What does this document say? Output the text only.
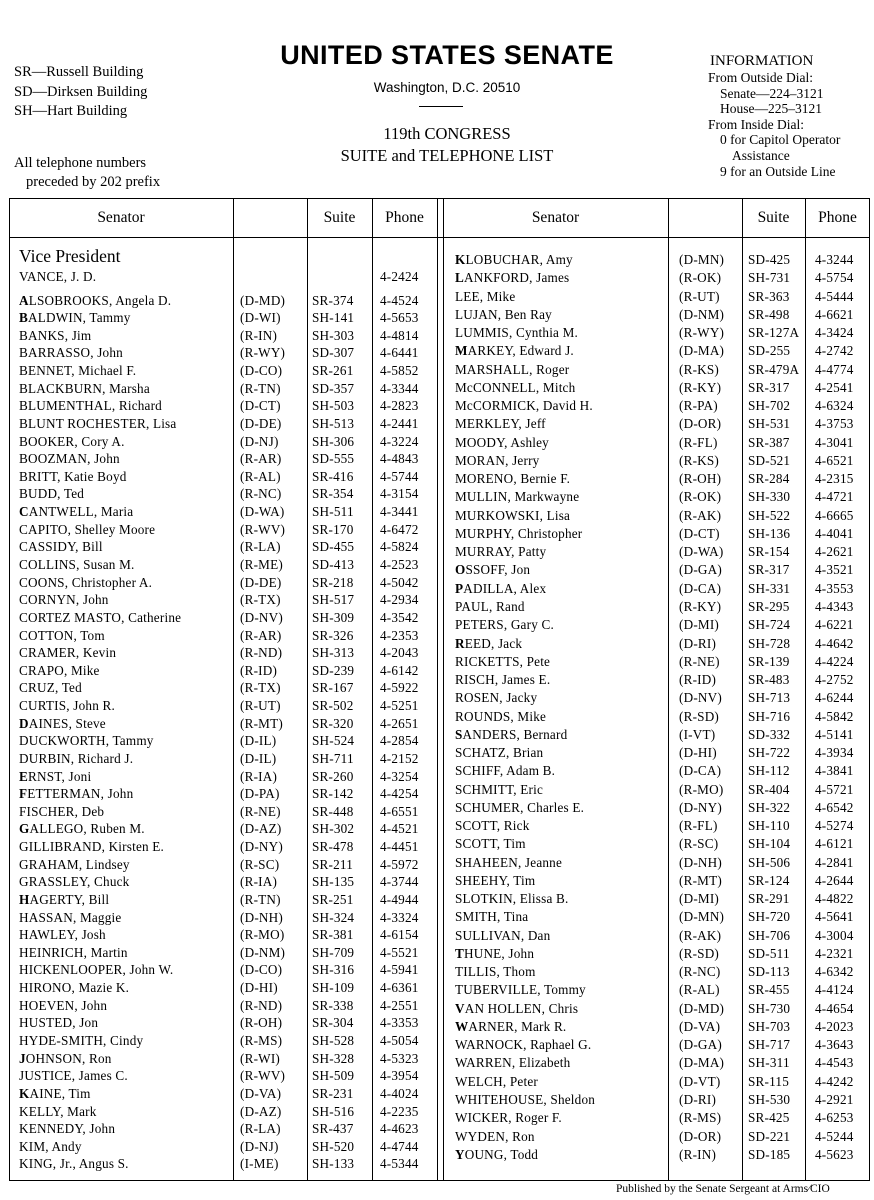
SR—Russell Building
SD—Dirksen Building
SH—Hart Building
All telephone numbers
preceded by 202 prefix
UNITED STATES SENATE
Washington, D.C. 20510
119th CONGRESS
SUITE and TELEPHONE LIST
INFORMATION
From Outside Dial:
Senate—224–3121
House—225–3121
From Inside Dial:
0 for Capitol Operator
Assistance
9 for an Outside Line
Senator	Suite	Phone	Senator	Suite	Phone
Vice President
VANCE, J. D.	4-2424
ALSOBROOKS, Angela D.	(D-MD) SR-374 4-4524
BALDWIN, Tammy	(D-WI) SH-141 4-5653
BANKS, Jim	(R-IN)	SH-303 4-4814
BARRASSO, John	(R-WY) SD-307 4-6441
BENNET, Michael F.	(D-CO) SR-261 4-5852
BLACKBURN, Marsha	(R-TN) SD-357 4-3344
BLUMENTHAL, Richard	(D-CT) SH-503 4-2823
BLUNT ROCHESTER, Lisa	(D-DE) SH-513 4-2441
BOOKER, Cory A.	(D-NJ)	SH-306 4-3224
BOOZMAN, John	(R-AR) SD-555 4-4843
BRITT, Katie Boyd	(R-AL) SR-416 4-5744
BUDD, Ted	(R-NC) SR-354 4-3154
CANTWELL, Maria	(D-WA) SH-511 4-3441
CAPITO, Shelley Moore	(R-WV) SR-170 4-6472
CASSIDY, Bill	(R-LA) SD-455 4-5824
COLLINS, Susan M.	(R-ME) SD-413 4-2523
COONS, Christopher A.	(D-DE) SR-218 4-5042
CORNYN, John	(R-TX) SH-517 4-2934
CORTEZ MASTO, Catherine	(D-NV) SH-309 4-3542
COTTON, Tom	(R-AR) SR-326 4-2353
CRAMER, Kevin	(R-ND) SH-313 4-2043
CRAPO, Mike	(R-ID)	SD-239 4-6142
CRUZ, Ted	(R-TX) SR-167 4-5922
CURTIS, John R.	(R-UT) SR-502 4-5251
DAINES, Steve	(R-MT) SR-320 4-2651
DUCKWORTH, Tammy	(D-IL)	SH-524 4-2854
DURBIN, Richard J.	(D-IL)	SH-711 4-2152
ERNST, Joni	(R-IA)	SR-260 4-3254
FETTERMAN, John	(D-PA) SR-142 4-4254
FISCHER, Deb	(R-NE) SR-448 4-6551
GALLEGO, Ruben M.	(D-AZ) SH-302 4-4521
GILLIBRAND, Kirsten E.	(D-NY) SR-478 4-4451
GRAHAM, Lindsey	(R-SC) SR-211 4-5972
GRASSLEY, Chuck	(R-IA)	SH-135 4-3744
HAGERTY, Bill	(R-TN) SR-251 4-4944
HASSAN, Maggie	(D-NH) SH-324 4-3324
HAWLEY, Josh	(R-MO) SR-381 4-6154
HEINRICH, Martin	(D-NM) SH-709 4-5521
HICKENLOOPER, John W.	(D-CO) SH-316 4-5941
HIRONO, Mazie K.	(D-HI)	SH-109 4-6361
HOEVEN, John	(R-ND) SR-338 4-2551
HUSTED, Jon	(R-OH) SR-304 4-3353
HYDE-SMITH, Cindy	(R-MS) SH-528 4-5054
JOHNSON, Ron	(R-WI) SH-328 4-5323
JUSTICE, James C.	(R-WV) SH-509 4-3954
KAINE, Tim	(D-VA) SR-231 4-4024
KELLY, Mark	(D-AZ) SH-516 4-2235
KENNEDY, John	(R-LA) SR-437 4-4623
KIM, Andy	(D-NJ)	SH-520 4-4744
KING, Jr., Angus S.	(I-ME)	SH-133 4-5344
KLOBUCHAR, Amy	(D-MN) SD-425 4-3244
LANKFORD, James	(R-OK) SH-731 4-5754
LEE, Mike	(R-UT) SR-363 4-5444
LUJAN, Ben Ray	(D-NM) SR-498 4-6621
LUMMIS, Cynthia M.	(R-WY) SR-127A 4-3424
MARKEY, Edward J.	(D-MA) SD-255 4-2742
MARSHALL, Roger	(R-KS) SR-479A 4-4774
McCONNELL, Mitch	(R-KY) SR-317 4-2541
McCORMICK, David H.	(R-PA) SH-702 4-6324
MERKLEY, Jeff	(D-OR) SH-531 4-3753
MOODY, Ashley	(R-FL) SR-387 4-3041
MORAN, Jerry	(R-KS) SD-521 4-6521
MORENO, Bernie F.	(R-OH) SR-284 4-2315
MULLIN, Markwayne	(R-OK) SH-330 4-4721
MURKOWSKI, Lisa	(R-AK) SH-522 4-6665
MURPHY, Christopher	(D-CT) SH-136 4-4041
MURRAY, Patty	(D-WA) SR-154 4-2621
OSSOFF, Jon	(D-GA) SR-317 4-3521
PADILLA, Alex	(D-CA) SH-331 4-3553
PAUL, Rand	(R-KY) SR-295 4-4343
PETERS, Gary C.	(D-MI) SH-724 4-6221
REED, Jack	(D-RI) SH-728 4-4642
RICKETTS, Pete	(R-NE) SR-139 4-4224
RISCH, James E.	(R-ID) SR-483 4-2752
ROSEN, Jacky	(D-NV) SH-713 4-6244
ROUNDS, Mike	(R-SD) SH-716 4-5842
SANDERS, Bernard	(I-VT) SD-332 4-5141
SCHATZ, Brian	(D-HI) SH-722 4-3934
SCHIFF, Adam B.	(D-CA) SH-112 4-3841
SCHMITT, Eric	(R-MO) SR-404 4-5721
SCHUMER, Charles E.	(D-NY) SH-322 4-6542
SCOTT, Rick	(R-FL) SH-110 4-5274
SCOTT, Tim	(R-SC) SH-104 4-6121
SHAHEEN, Jeanne	(D-NH) SH-506 4-2841
SHEEHY, Tim	(R-MT) SR-124 4-2644
SLOTKIN, Elissa B.	(D-MI) SR-291 4-4822
SMITH, Tina	(D-MN) SH-720 4-5641
SULLIVAN, Dan	(R-AK) SH-706 4-3004
THUNE, John	(R-SD) SD-511 4-2321
TILLIS, Thom	(R-NC) SD-113 4-6342
TUBERVILLE, Tommy	(R-AL) SR-455 4-4124
VAN HOLLEN, Chris	(D-MD) SH-730 4-4654
WARNER, Mark R.	(D-VA) SH-703 4-2023
WARNOCK, Raphael G.	(D-GA) SH-717 4-3643
WARREN, Elizabeth	(D-MA) SH-311 4-4543
WELCH, Peter	(D-VT) SR-115 4-4242
WHITEHOUSE, Sheldon	(D-RI) SH-530 4-2921
WICKER, Roger F.	(R-MS) SR-425 4-6253
WYDEN, Ron	(D-OR) SD-221 4-5244
YOUNG, Todd	(R-IN) SD-185 4-5623
Published by the Senate Sergeant at Arms∕CIO
